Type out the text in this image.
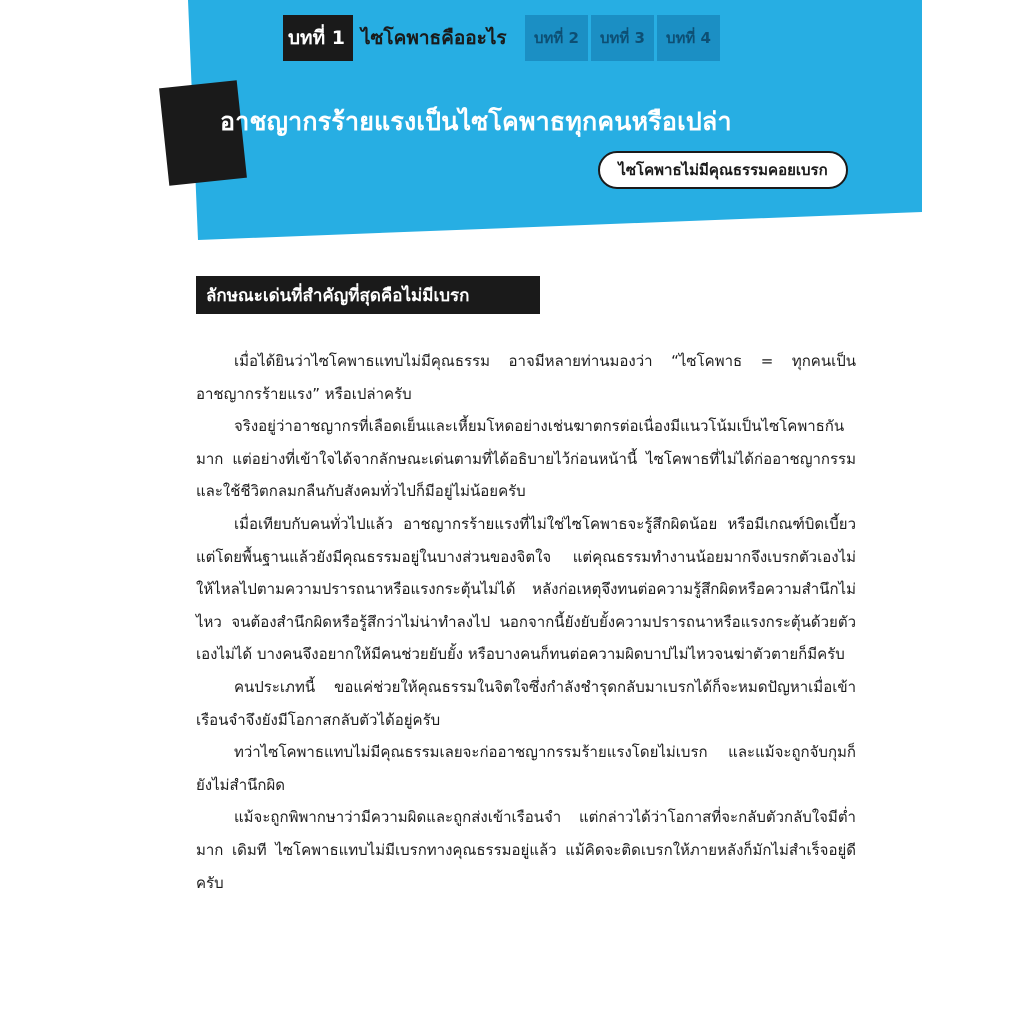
บทที่ 1 ไซโคพาธคืออะไร	บทที่ 2	บทที่ 3	บทที่ 4
อาชญากรร้ายแรงเป็นไซโคพาธทุกคนหรือเปล่า
ไซโคพาธไม่มีคุณธรรมคอยเบรก
ลักษณะเด่นที่สำคัญที่สุดคือไม่มีเบรก

เมื่อได้ยินว่าไซโคพาธแทบไม่มีคุณธรรม อาจมีหลายท่านมองว่า “ไซโคพาธ = ทุกคนเป็นอาชญากรร้ายแรง” หรือเปล่าครับ

จริงอยู่ว่าอาชญากรที่เลือดเย็นและเหี้ยมโหดอย่างเช่นฆาตกรต่อเนื่องมีแนวโน้มเป็นไซโคพาธกันมาก แต่อย่างที่เข้าใจได้จากลักษณะเด่นตามที่ได้อธิบายไว้ก่อนหน้านี้ ไซโคพาธที่ไม่ได้ก่ออาชญากรรมและใช้ชีวิตกลมกลืนกับสังคมทั่วไปก็มีอยู่ไม่น้อยครับ

เมื่อเทียบกับคนทั่วไปแล้ว อาชญากรร้ายแรงที่ไม่ใช่ไซโคพาธจะรู้สึกผิดน้อย หรือมีเกณฑ์บิดเบี้ยว แต่โดยพื้นฐานแล้วยังมีคุณธรรมอยู่ในบางส่วนของจิตใจ แต่คุณธรรมทำงานน้อยมากจึงเบรกตัวเองไม่ให้ไหลไปตามความปรารถนาหรือแรงกระตุ้นไม่ได้ หลังก่อเหตุจึงทนต่อความรู้สึกผิดหรือความสำนึกไม่ไหว จนต้องสำนึกผิดหรือรู้สึกว่าไม่น่าทำลงไป นอกจากนี้ยังยับยั้งความปรารถนาหรือแรงกระตุ้นด้วยตัวเองไม่ได้ บางคนจึงอยากให้มีคนช่วยยับยั้ง หรือบางคนก็ทนต่อความผิดบาปไม่ไหวจนฆ่าตัวตายก็มีครับ

คนประเภทนี้ ขอแค่ช่วยให้คุณธรรมในจิตใจซึ่งกำลังชำรุดกลับมาเบรกได้ก็จะหมดปัญหาเมื่อเข้าเรือนจำจึงยังมีโอกาสกลับตัวได้อยู่ครับ

ทว่าไซโคพาธแทบไม่มีคุณธรรมเลยจะก่ออาชญากรรมร้ายแรงโดยไม่เบรก และแม้จะถูกจับกุมก็ยังไม่สำนึกผิด

แม้จะถูกพิพากษาว่ามีความผิดและถูกส่งเข้าเรือนจำ แต่กล่าวได้ว่าโอกาสที่จะกลับตัวกลับใจมีต่ำมาก เดิมที ไซโคพาธแทบไม่มีเบรกทางคุณธรรมอยู่แล้ว แม้คิดจะติดเบรกให้ภายหลังก็มักไม่สำเร็จอยู่ดีครับ
